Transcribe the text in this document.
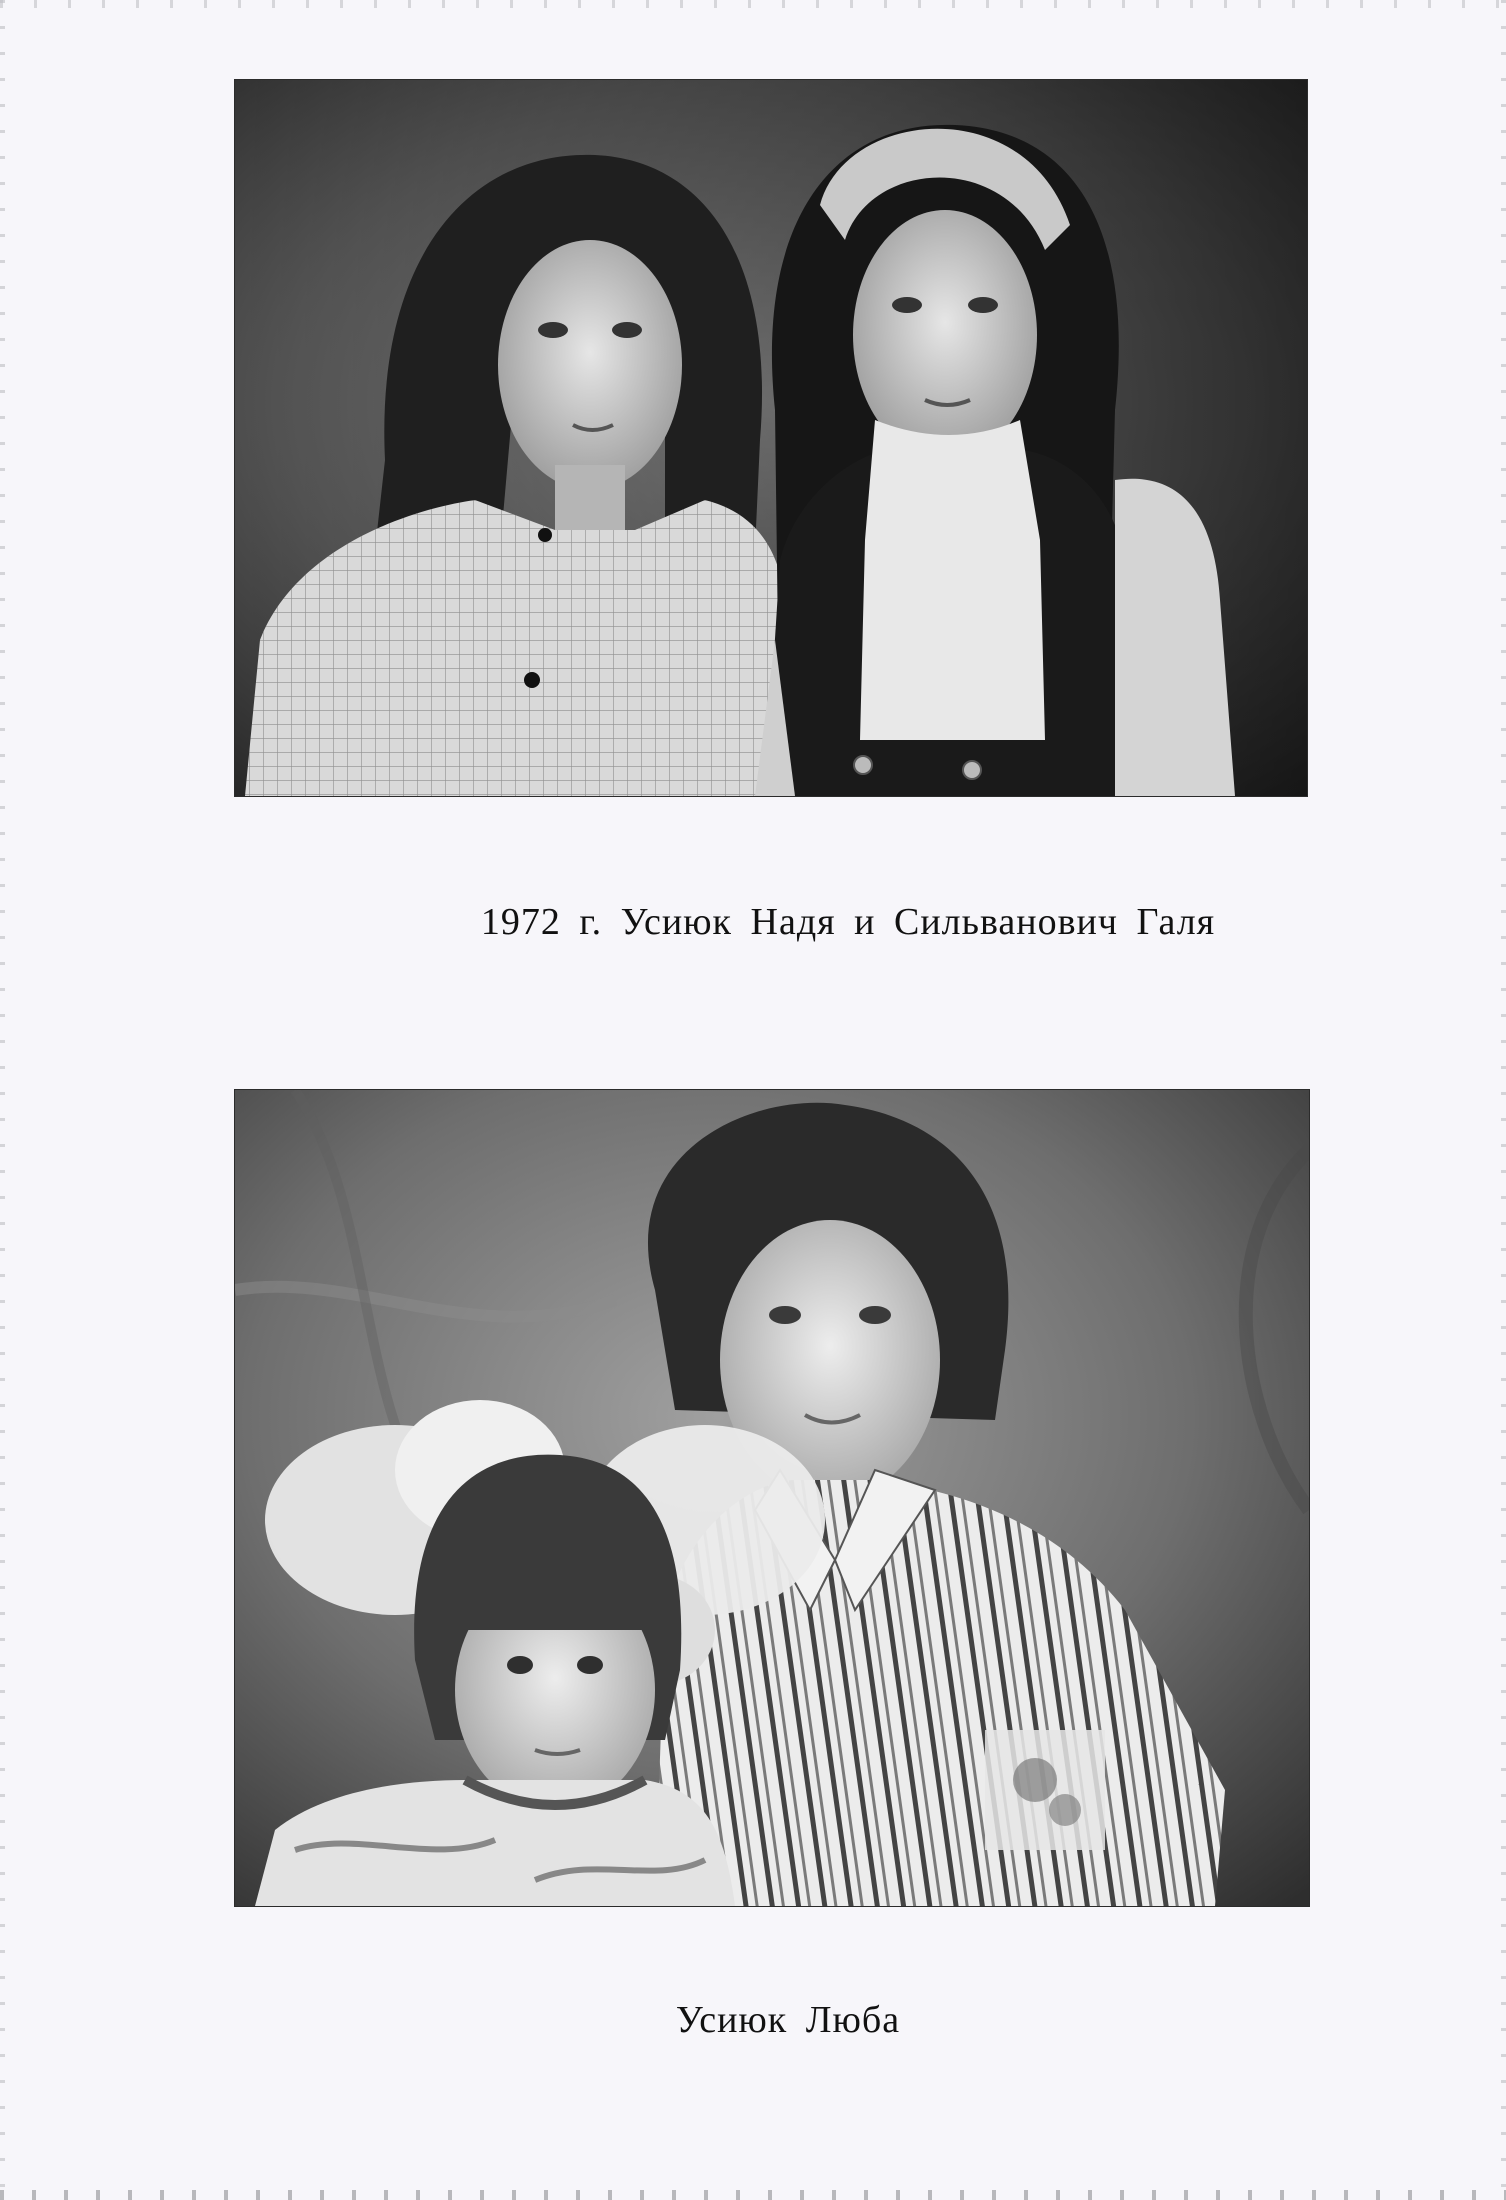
1972 г. Усиюк Надя и Сильванович Галя
Усиюк Люба
